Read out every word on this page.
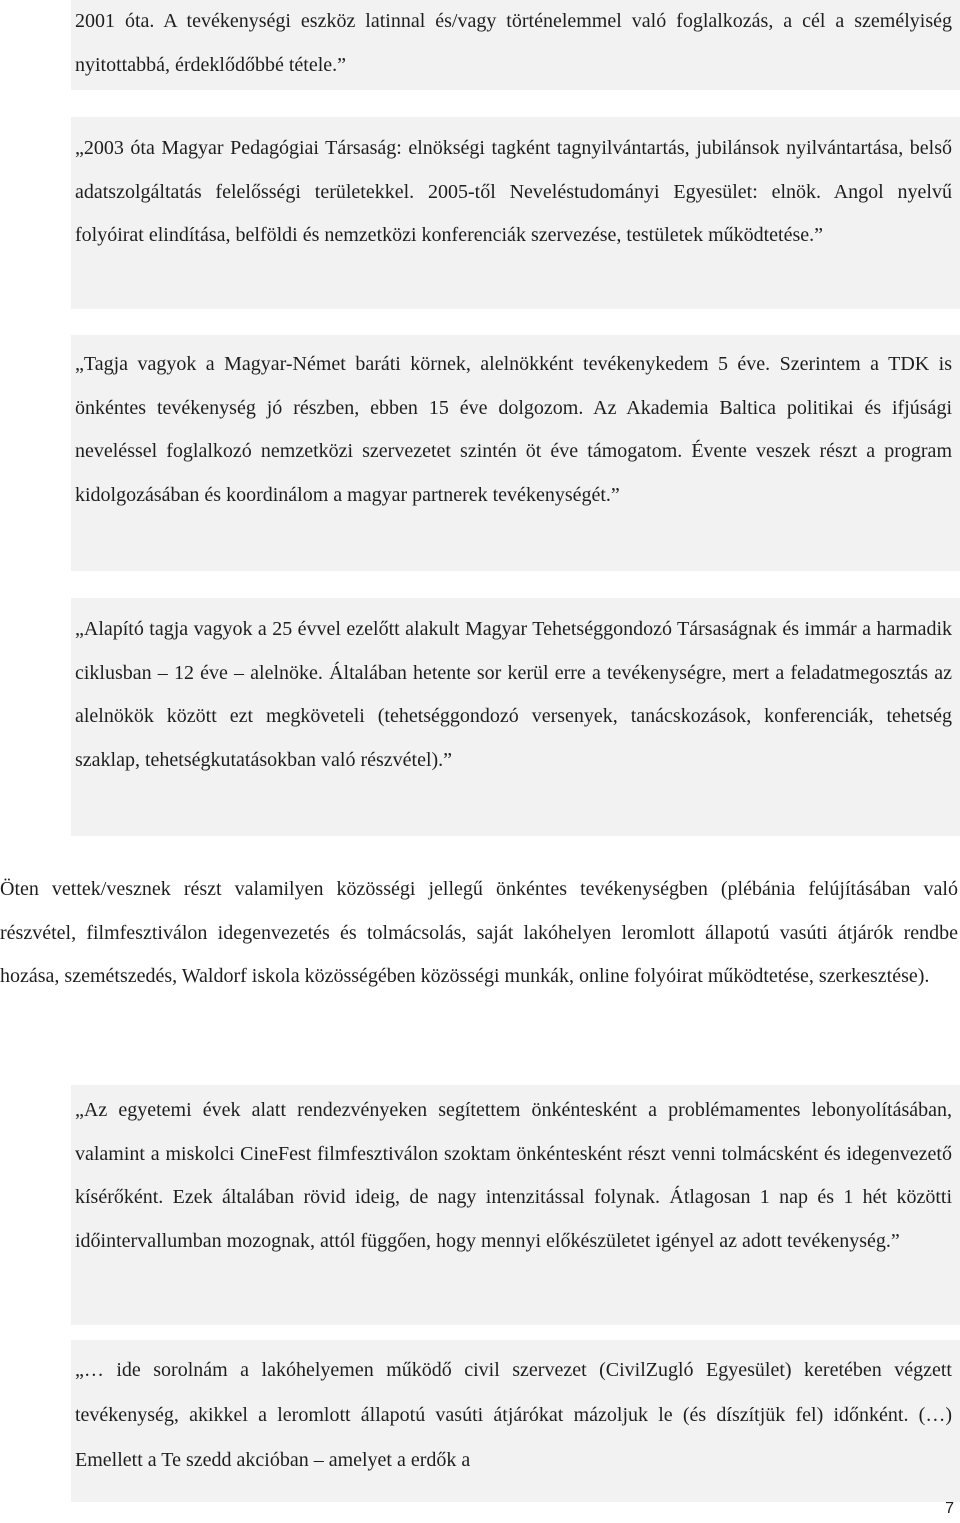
2001 óta. A tevékenységi eszköz latinnal és/vagy történelemmel való foglalkozás, a cél a személyiség nyitottabbá, érdeklődőbbé tétele.”

„2003 óta Magyar Pedagógiai Társaság: elnökségi tagként tagnyilvántartás, jubilánsok nyilvántartása, belső adatszolgáltatás felelősségi területekkel. 2005-től Neveléstudományi Egyesület: elnök. Angol nyelvű folyóirat elindítása, belföldi és nemzetközi konferenciák szervezése, testületek működtetése.”

„Tagja vagyok a Magyar-Német baráti körnek, alelnökként tevékenykedem 5 éve. Szerintem a TDK is önkéntes tevékenység jó részben, ebben 15 éve dolgozom. Az Akademia Baltica politikai és ifjúsági neveléssel foglalkozó nemzetközi szervezetet szintén öt éve támogatom. Évente veszek részt a program kidolgozásában és koordinálom a magyar partnerek tevékenységét.”

„Alapító tagja vagyok a 25 évvel ezelőtt alakult Magyar Tehetséggondozó Társaságnak és immár a harmadik ciklusban – 12 éve – alelnöke. Általában hetente sor kerül erre a tevékenységre, mert a feladatmegosztás az alelnökök között ezt megköveteli (tehetséggondozó versenyek, tanácskozások, konferenciák, tehetség szaklap, tehetségkutatásokban való részvétel).”

Öten vettek/vesznek részt valamilyen közösségi jellegű önkéntes tevékenységben (plébánia felújításában való részvétel, filmfesztiválon idegenvezetés és tolmácsolás, saját lakóhelyen leromlott állapotú vasúti átjárók rendbe hozása, szemétszedés, Waldorf iskola közösségében közösségi munkák, online folyóirat működtetése, szerkesztése).

„Az egyetemi évek alatt rendezvényeken segítettem önkéntesként a problémamentes lebonyolításában, valamint a miskolci CineFest filmfesztiválon szoktam önkéntesként részt venni tolmácsként és idegenvezető kísérőként. Ezek általában rövid ideig, de nagy intenzitással folynak. Átlagosan 1 nap és 1 hét közötti időintervallumban mozognak, attól függően, hogy mennyi előkészületet igényel az adott tevékenység.”

„… ide sorolnám a lakóhelyemen működő civil szervezet (CivilZugló Egyesület) keretében végzett tevékenység, akikkel a leromlott állapotú vasúti átjárókat mázoljuk le (és díszítjük fel) időnként. (…) Emellett a Te szedd akcióban – amelyet a erdők a

7
